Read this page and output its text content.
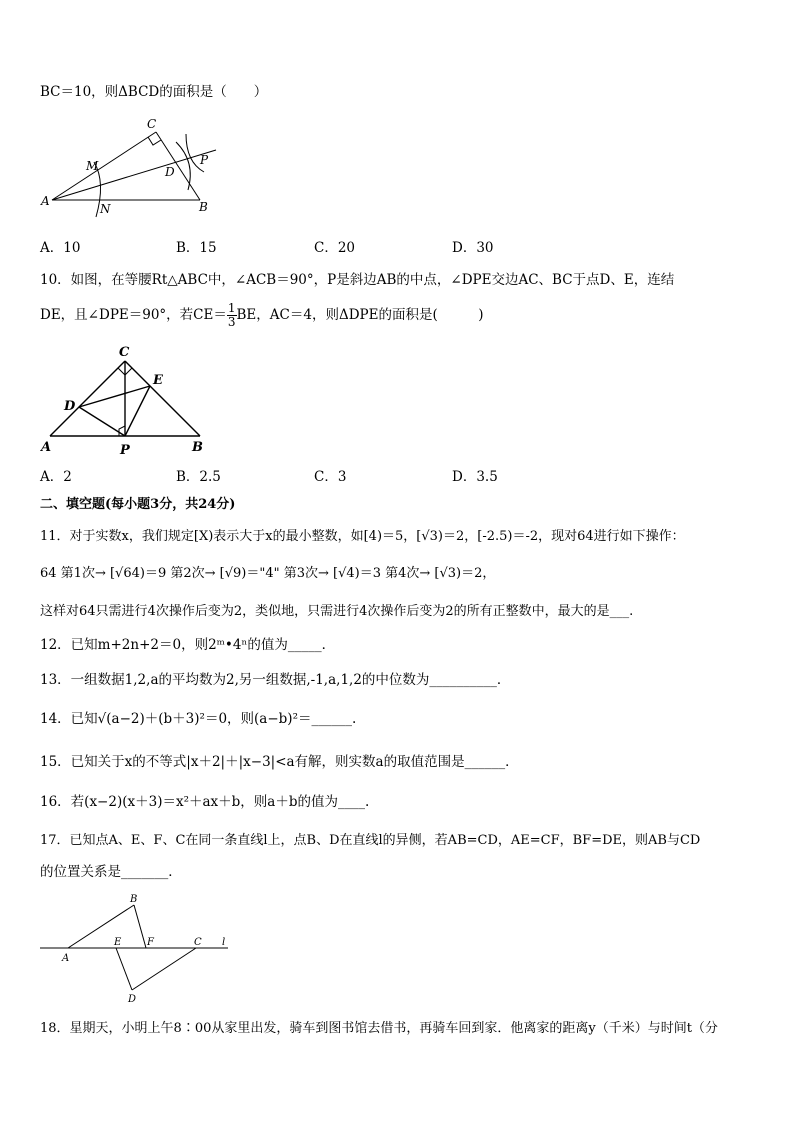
BC＝10，则ΔBCD的面积是（　　）
A	B
C
D
M
N
P
A．10	B．15	C．20	D．30
10．如图，在等腰Rt△ABC中，∠ACB＝90°，P是斜边AB的中点，∠DPE交边AC、BC于点D、E，连结
DE，且∠DPE＝90°，若$CE= \frac{1}{3}$ BE，AC＝4，则ΔDPE的面积是(　　　)
A	B
C
D
E
P
A．2	B．2.5	C．3	D．3.5
二、填空题(每小题3分，共24分)
11．对于实数x，我们规定[X)表示大于x的最小整数，如[4)＝5，[√3)＝2，[-2.5)＝-2，现对64进行如下操作：
64 第1次→ [√64)＝9 第2次→ [√9)＝"4" 第3次→ [√4)＝3 第4次→ [√3)＝2，
这样对64只需进行4次操作后变为2，类似地，只需进行4次操作后变为2的所有正整数中，最大的是___.
12．已知m+2n+2＝0，则2ᵐ•4ⁿ的值为_____．
13．一组数据1,2,a的平均数为2,另一组数据,-1,a,1,2的中位数为__________．
14．已知√(a−2)＋(b＋3)²＝0，则(a−b)²＝______.
15．已知关于x的不等式|x＋2|＋|x−3|<a有解，则实数a的取值范围是______．
16．若(x−2)(x＋3)＝x²＋ax＋b，则a＋b的值为____.
17．已知点A、E、F、C在同一条直线l上，点B、D在直线l的异侧，若AB=CD，AE=CF，BF=DE，则AB与CD
的位置关系是_______．
A
B
C
D
E	F	l
18．星期天，小明上午8∶00从家里出发，骑车到图书馆去借书，再骑车回到家．他离家的距离y（千米）与时间t（分
